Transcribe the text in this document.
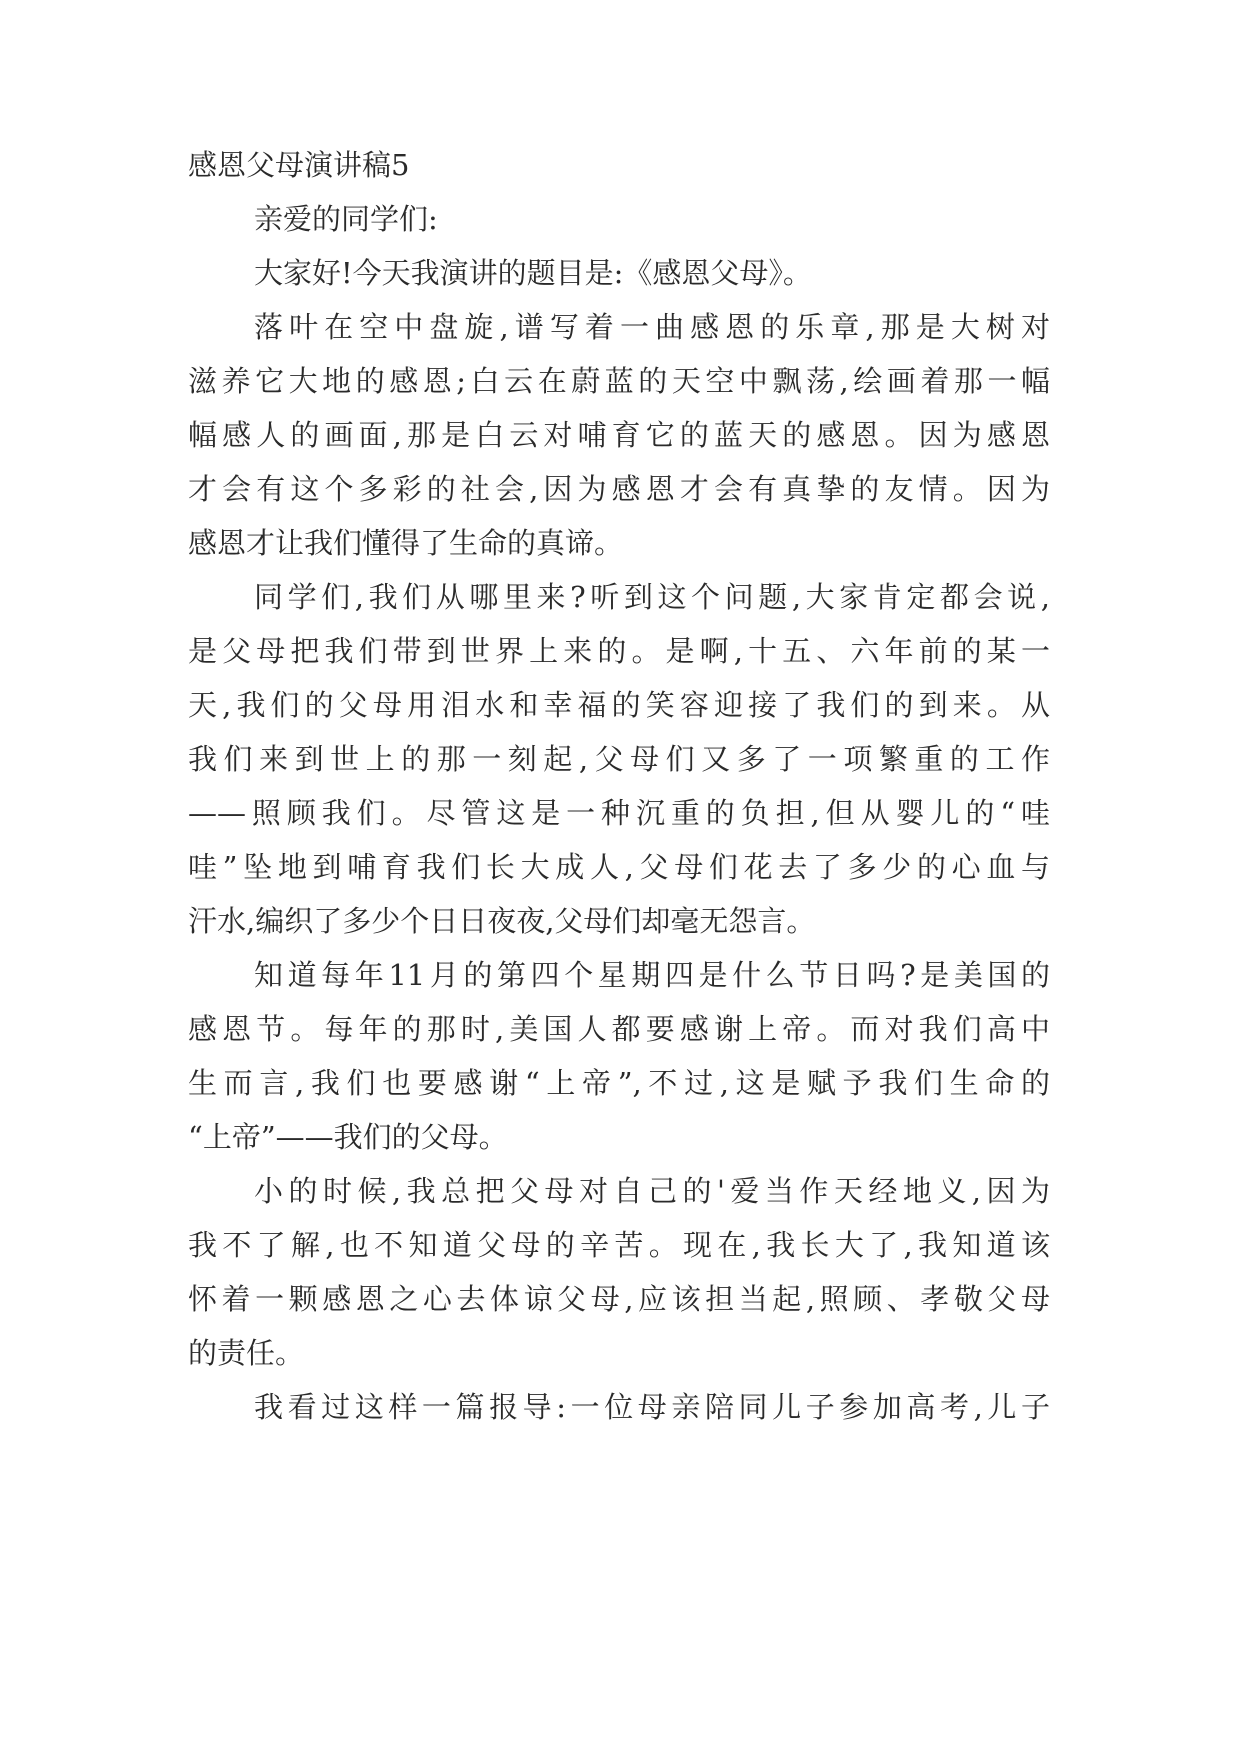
感恩父母演讲稿5

亲爱的同学们:

大家好!今天我演讲的题目是:《感恩父母》。

落叶在空中盘旋,谱写着一曲感恩的乐章,那是大树对

滋养它大地的感恩;白云在蔚蓝的天空中飘荡,绘画着那一幅

幅感人的画面,那是白云对哺育它的蓝天的感恩。因为感恩

才会有这个多彩的社会,因为感恩才会有真挚的友情。因为

感恩才让我们懂得了生命的真谛。

同学们,我们从哪里来?听到这个问题,大家肯定都会说,

是父母把我们带到世界上来的。是啊,十五、六年前的某一

天,我们的父母用泪水和幸福的笑容迎接了我们的到来。从

我们来到世上的那一刻起,父母们又多了一项繁重的工作

——照顾我们。尽管这是一种沉重的负担,但从婴儿的“哇

哇”坠地到哺育我们长大成人,父母们花去了多少的心血与

汗水,编织了多少个日日夜夜,父母们却毫无怨言。

知道每年11月的第四个星期四是什么节日吗?是美国的

感恩节。每年的那时,美国人都要感谢上帝。而对我们高中

生而言,我们也要感谢“上帝”,不过,这是赋予我们生命的

“上帝”——我们的父母。

小的时候,我总把父母对自己的'爱当作天经地义,因为

我不了解,也不知道父母的辛苦。现在,我长大了,我知道该

怀着一颗感恩之心去体谅父母,应该担当起,照顾、孝敬父母

的责任。

我看过这样一篇报导:一位母亲陪同儿子参加高考,儿子
